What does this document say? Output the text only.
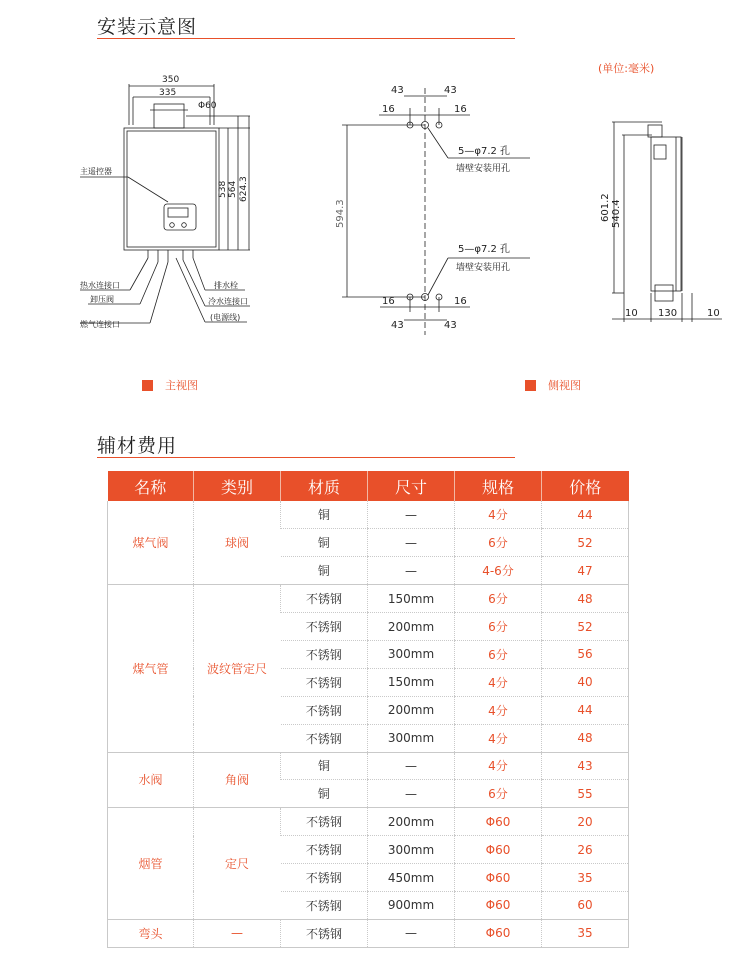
安装示意图
(单位:毫米)
350
335
Φ60
538 564 624.3
主遥控器
热水连接口
卸压阀
燃气连接口
排水栓
冷水连接口
(电源线)
43	43
16	16
16	16
43	43
594.3
5—φ7.2 孔
墙壁安装用孔
5—φ7.2 孔
墙壁安装用孔
601.2 540.4
10 130	10
主视图	侧视图
辅材费用
名称	类别	材质	尺寸	规格	价格
煤气阀	球阀	铜	—	4分	44
		铜	—	6分	52
		铜	—	4-6分	47
煤气管	波纹管定尺	不锈钢	150mm	6分	48
		不锈钢	200mm	6分	52
		不锈钢	300mm	6分	56
		不锈钢	150mm	4分	40
		不锈钢	200mm	4分	44
		不锈钢	300mm	4分	48
水阀	角阀	铜	—	4分	43
		铜	—	6分	55
烟管	定尺	不锈钢	200mm	Φ60	20
		不锈钢	300mm	Φ60	26
		不锈钢	450mm	Φ60	35
		不锈钢	900mm	Φ60	60
弯头	—	不锈钢	—	Φ60	35
